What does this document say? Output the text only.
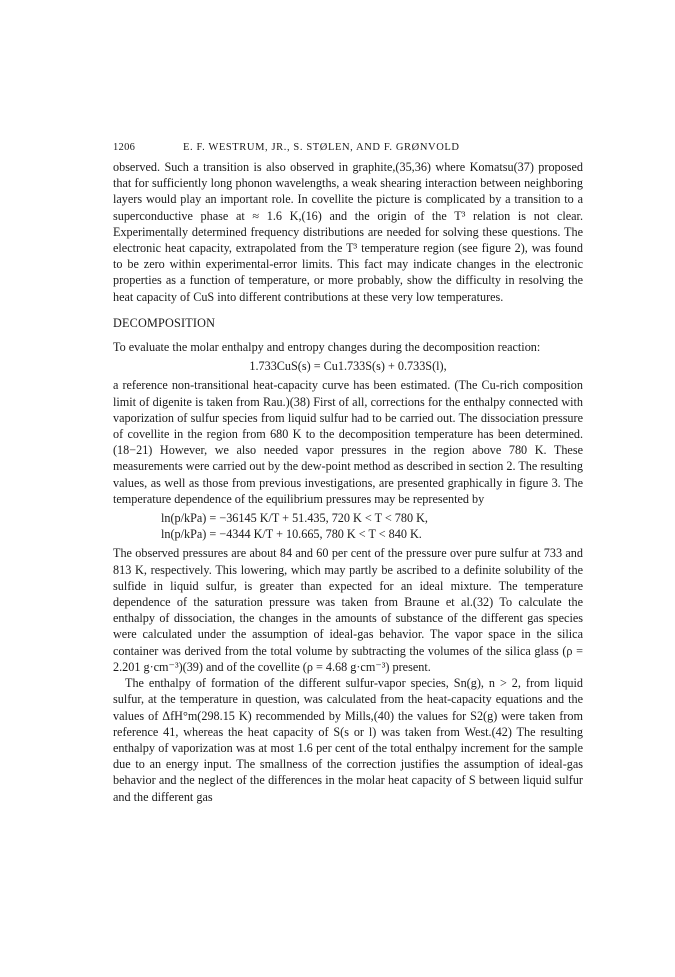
1206	E. F. WESTRUM, JR., S. STØLEN, AND F. GRØNVOLD

observed. Such a transition is also observed in graphite,(35,36) where Komatsu(37) proposed that for sufficiently long phonon wavelengths, a weak shearing interaction between neighboring layers would play an important role. In covellite the picture is complicated by a transition to a superconductive phase at ≈ 1.6 K,(16) and the origin of the T³ relation is not clear. Experimentally determined frequency distributions are needed for solving these questions. The electronic heat capacity, extrapolated from the T³ temperature region (see figure 2), was found to be zero within experimental-error limits. This fact may indicate changes in the electronic properties as a function of temperature, or more probably, show the difficulty in resolving the heat capacity of CuS into different contributions at these very low temperatures.

DECOMPOSITION

To evaluate the molar enthalpy and entropy changes during the decomposition reaction:

1.733CuS(s) = Cu1.733S(s) + 0.733S(l),

a reference non-transitional heat-capacity curve has been estimated. (The Cu-rich composition limit of digenite is taken from Rau.)(38) First of all, corrections for the enthalpy connected with vaporization of sulfur species from liquid sulfur had to be carried out. The dissociation pressure of covellite in the region from 680 K to the decomposition temperature has been determined.(18−21) However, we also needed vapor pressures in the region above 780 K. These measurements were carried out by the dew-point method as described in section 2. The resulting values, as well as those from previous investigations, are presented graphically in figure 3. The temperature dependence of the equilibrium pressures may be represented by

ln(p/kPa) = −36145 K/T + 51.435, 720 K < T < 780 K,
ln(p/kPa) = −4344 K/T + 10.665, 780 K < T < 840 K.

The observed pressures are about 84 and 60 per cent of the pressure over pure sulfur at 733 and 813 K, respectively. This lowering, which may partly be ascribed to a definite solubility of the sulfide in liquid sulfur, is greater than expected for an ideal mixture. The temperature dependence of the saturation pressure was taken from Braune et al.(32) To calculate the enthalpy of dissociation, the changes in the amounts of substance of the different gas species were calculated under the assumption of ideal-gas behavior. The vapor space in the silica container was derived from the total volume by subtracting the volumes of the silica glass (ρ = 2.201 g·cm⁻³)(39) and of the covellite (ρ = 4.68 g·cm⁻³) present.

The enthalpy of formation of the different sulfur-vapor species, Sn(g), n > 2, from liquid sulfur, at the temperature in question, was calculated from the heat-capacity equations and the values of ΔfH°m(298.15 K) recommended by Mills,(40) the values for S2(g) were taken from reference 41, whereas the heat capacity of S(s or l) was taken from West.(42) The resulting enthalpy of vaporization was at most 1.6 per cent of the total enthalpy increment for the sample due to an energy input. The smallness of the correction justifies the assumption of ideal-gas behavior and the neglect of the differences in the molar heat capacity of S between liquid sulfur and the different gas
